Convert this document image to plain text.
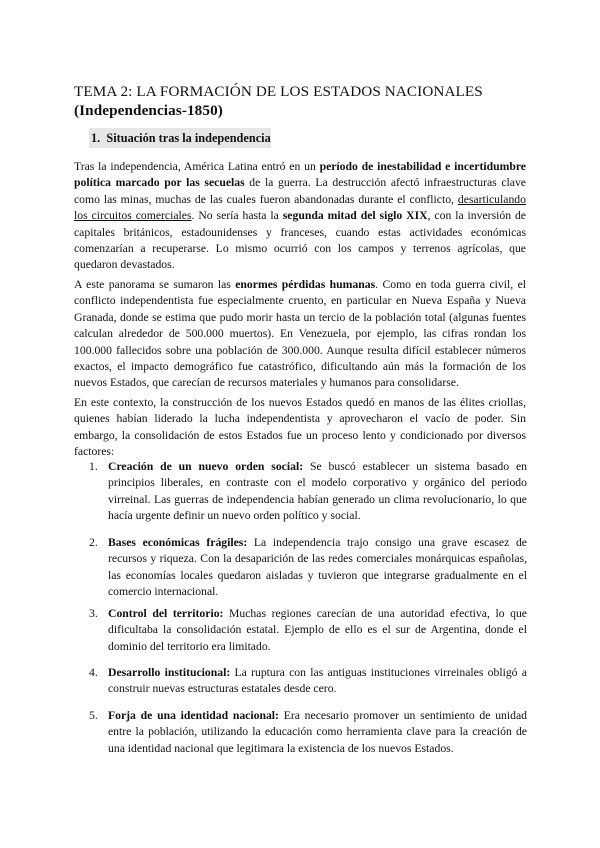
TEMA 2: LA FORMACIÓN DE LOS ESTADOS NACIONALES
(Independencias-1850)
1. Situación tras la independencia

Tras la independencia, América Latina entró en un período de inestabilidad e incertidumbre política marcado por las secuelas de la guerra. La destrucción afectó infraestructuras clave como las minas, muchas de las cuales fueron abandonadas durante el conflicto, desarticulando los circuitos comerciales. No sería hasta la segunda mitad del siglo XIX, con la inversión de capitales británicos, estadounidenses y franceses, cuando estas actividades económicas comenzarían a recuperarse. Lo mismo ocurrió con los campos y terrenos agrícolas, que quedaron devastados.

A este panorama se sumaron las enormes pérdidas humanas. Como en toda guerra civil, el conflicto independentista fue especialmente cruento, en particular en Nueva España y Nueva Granada, donde se estima que pudo morir hasta un tercio de la población total (algunas fuentes calculan alrededor de 500.000 muertos). En Venezuela, por ejemplo, las cifras rondan los 100.000 fallecidos sobre una población de 300.000. Aunque resulta difícil establecer números exactos, el impacto demográfico fue catastrófico, dificultando aún más la formación de los nuevos Estados, que carecían de recursos materiales y humanos para consolidarse.

En este contexto, la construcción de los nuevos Estados quedó en manos de las élites criollas, quienes habían liderado la lucha independentista y aprovecharon el vacío de poder. Sin embargo, la consolidación de estos Estados fue un proceso lento y condicionado por diversos factores:

1. Creación de un nuevo orden social: Se buscó establecer un sistema basado en principios liberales, en contraste con el modelo corporativo y orgánico del periodo virreinal. Las guerras de independencia habían generado un clima revolucionario, lo que hacía urgente definir un nuevo orden político y social.

2. Bases económicas frágiles: La independencia trajo consigo una grave escasez de recursos y riqueza. Con la desaparición de las redes comerciales monárquicas españolas, las economías locales quedaron aisladas y tuvieron que integrarse gradualmente en el comercio internacional.

3. Control del territorio: Muchas regiones carecían de una autoridad efectiva, lo que dificultaba la consolidación estatal. Ejemplo de ello es el sur de Argentina, donde el dominio del territorio era limitado.

4. Desarrollo institucional: La ruptura con las antiguas instituciones virreinales obligó a construir nuevas estructuras estatales desde cero.

5. Forja de una identidad nacional: Era necesario promover un sentimiento de unidad entre la población, utilizando la educación como herramienta clave para la creación de una identidad nacional que legitimara la existencia de los nuevos Estados.
